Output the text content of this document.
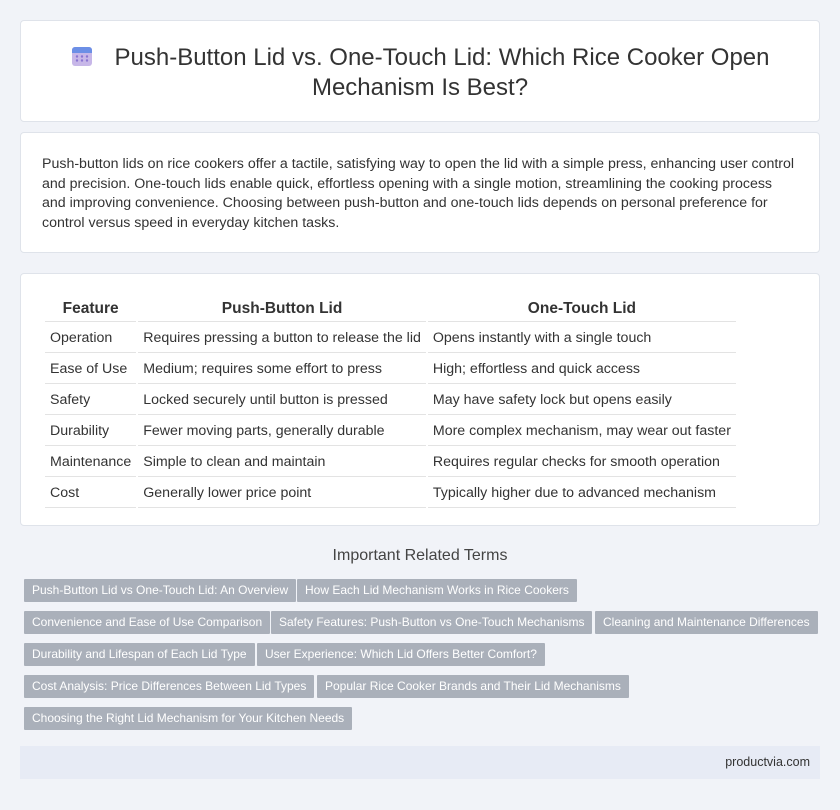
Push-Button Lid vs. One-Touch Lid: Which Rice Cooker Open Mechanism Is Best?
Push-button lids on rice cookers offer a tactile, satisfying way to open the lid with a simple press, enhancing user control and precision. One-touch lids enable quick, effortless opening with a single motion, streamlining the cooking process and improving convenience. Choosing between push-button and one-touch lids depends on personal preference for control versus speed in everyday kitchen tasks.
Feature	Push-Button Lid	One-Touch Lid
Operation	Requires pressing a button to release the lid	Opens instantly with a single touch
Ease of Use	Medium; requires some effort to press	High; effortless and quick access
Safety	Locked securely until button is pressed	May have safety lock but opens easily
Durability	Fewer moving parts, generally durable	More complex mechanism, may wear out faster
Maintenance	Simple to clean and maintain	Requires regular checks for smooth operation
Cost	Generally lower price point	Typically higher due to advanced mechanism
Important Related Terms
Push-Button Lid vs One-Touch Lid: An Overview	How Each Lid Mechanism Works in Rice Cookers
Convenience and Ease of Use Comparison	Safety Features: Push-Button vs One-Touch Mechanisms	Cleaning and Maintenance Differences
Durability and Lifespan of Each Lid Type	User Experience: Which Lid Offers Better Comfort?
Cost Analysis: Price Differences Between Lid Types	Popular Rice Cooker Brands and Their Lid Mechanisms
Choosing the Right Lid Mechanism for Your Kitchen Needs
productvia.com
